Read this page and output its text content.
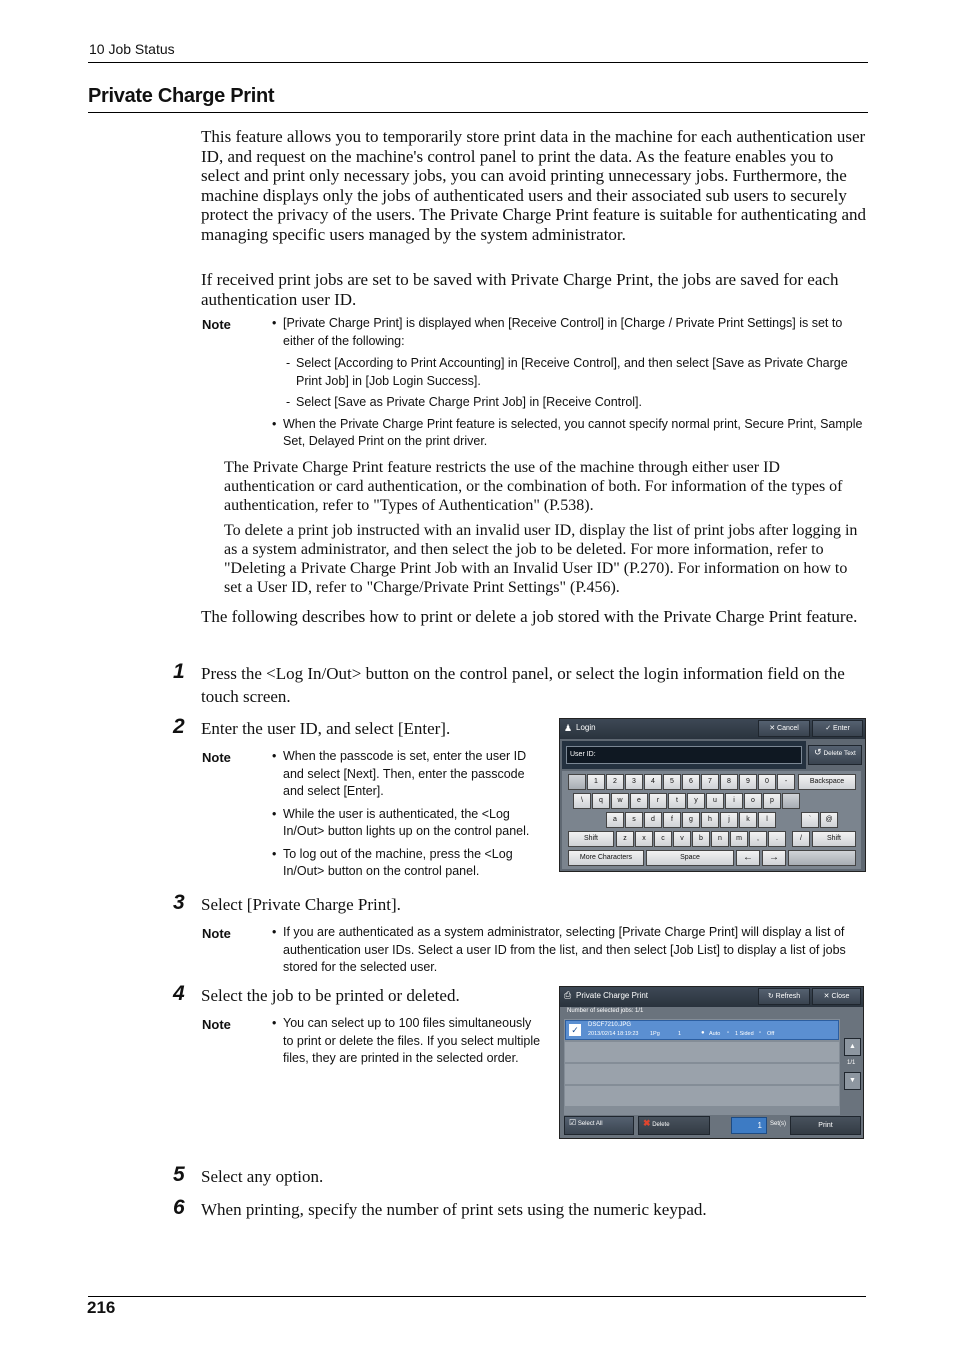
10 Job Status
Private Charge Print

This feature allows you to temporarily store print data in the machine for each authentication user ID, and request on the machine's control panel to print the data. As the feature enables you to select and print only necessary jobs, you can avoid printing unnecessary jobs. Furthermore, the machine displays only the jobs of authenticated users and their associated sub users to securely protect the privacy of the users. The Private Charge Print feature is suitable for authenticating and managing specific users managed by the system administrator.

If received print jobs are set to be saved with Private Charge Print, the jobs are saved for each authentication user ID.

Note	• [Private Charge Print] is displayed when [Receive Control] in [Charge / Private Print Settings] is set to either of the following:
- Select [According to Print Accounting] in [Receive Control], and then select [Save as Private Charge Print Job] in [Job Login Success].
- Select [Save as Private Charge Print Job] in [Receive Control].
• When the Private Charge Print feature is selected, you cannot specify normal print, Secure Print, Sample Set, Delayed Print on the print driver.

The Private Charge Print feature restricts the use of the machine through either user ID authentication or card authentication, or the combination of both. For information of the types of authentication, refer to "Types of Authentication" (P.538).

To delete a print job instructed with an invalid user ID, display the list of print jobs after logging in as a system administrator, and then select the job to be deleted. For more information, refer to "Deleting a Private Charge Print Job with an Invalid User ID" (P.270). For information on how to set a User ID, refer to "Charge/Private Print Settings" (P.456).

The following describes how to print or delete a job stored with the Private Charge Print feature.

1 Press the <Log In/Out> button on the control panel, or select the login information field on the touch screen.
2 Enter the user ID, and select [Enter].
Note	• When the passcode is set, enter the user ID and select [Next]. Then, enter the passcode and select [Enter].
• While the user is authenticated, the <Log In/Out> button lights up on the control panel.
• To log out of the machine, press the <Log In/Out> button on the control panel.
♟ Login	✕ Cancel	✓ Enter
User ID:	↺ Delete Text
1	2	3	4	5	6	7	8	9	0	-	Backspace
\	q	w	e	r	t	y	u	i	o	p
a	s	d	f	g	h	j	k	l	`	@
Shift	z	x	c	v	b	n	m	,	.	/	Shift
More Characters	Space	←	→
3 Select [Private Charge Print].
Note	• If you are authenticated as a system administrator, selecting [Private Charge Print] will display a list of authentication user IDs. Select a user ID from the list, and then select [Job List] to display a list of jobs stored for the selected user.
4 Select the job to be printed or deleted.
Note	• You can select up to 100 files simultaneously to print or delete the files. If you select multiple files, they are printed in the selected order.
⎙ Private Charge Print	↻ Refresh	✕ Close
Number of selected jobs: 1/1
✓	DSCF7210.JPG
2013/02/14 18:19:23 1Pg	1	● Auto ▫ 1 Sided ▫ Off
▲
1/1
▼
☑ Select All	✖ Delete	1	Set(s)	Print
5 Select any option.
6 When printing, specify the number of print sets using the numeric keypad.
216
